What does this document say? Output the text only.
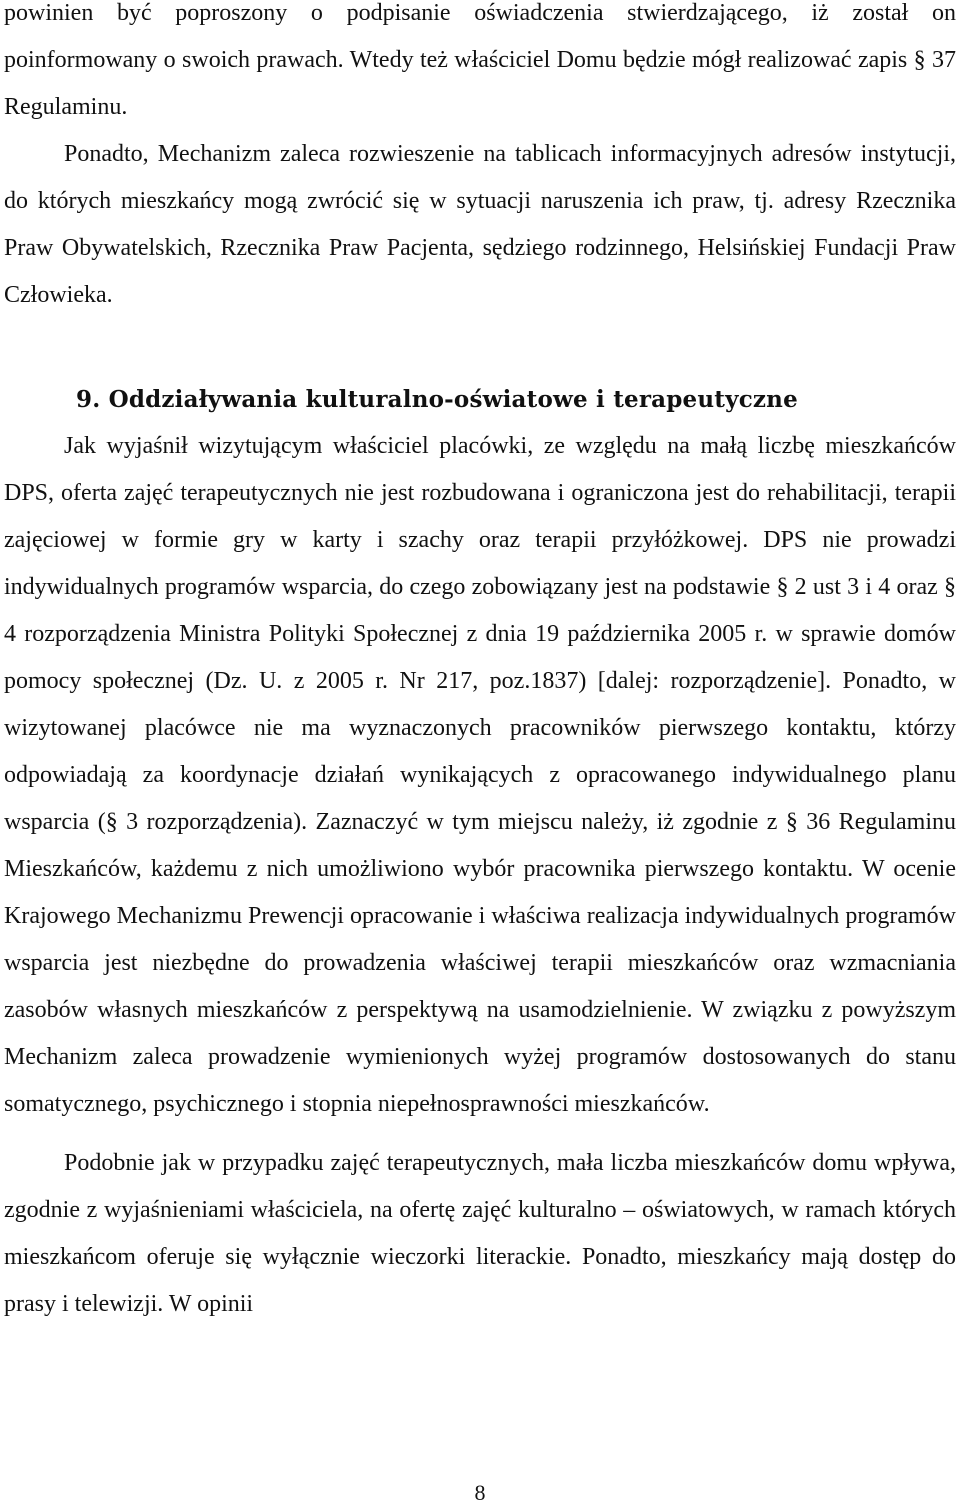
powinien być poproszony o podpisanie oświadczenia stwierdzającego, iż został on poinformowany o swoich prawach. Wtedy też właściciel Domu będzie mógł realizować zapis § 37 Regulaminu.

Ponadto, Mechanizm zaleca rozwieszenie na tablicach informacyjnych adresów instytucji, do których mieszkańcy mogą zwrócić się w sytuacji naruszenia ich praw, tj. adresy Rzecznika Praw Obywatelskich, Rzecznika Praw Pacjenta, sędziego rodzinnego, Helsińskiej Fundacji Praw Człowieka.

9. Oddziaływania kulturalno-oświatowe i terapeutyczne

Jak wyjaśnił wizytującym właściciel placówki, ze względu na małą liczbę mieszkańców DPS, oferta zajęć terapeutycznych nie jest rozbudowana i ograniczona jest do rehabilitacji, terapii zajęciowej w formie gry w karty i szachy oraz terapii przyłóżkowej. DPS nie prowadzi indywidualnych programów wsparcia, do czego zobowiązany jest na podstawie § 2 ust 3 i 4 oraz § 4 rozporządzenia Ministra Polityki Społecznej z dnia 19 października 2005 r. w sprawie domów pomocy społecznej (Dz. U. z 2005 r. Nr 217, poz.1837) [dalej: rozporządzenie]. Ponadto, w wizytowanej placówce nie ma wyznaczonych pracowników pierwszego kontaktu, którzy odpowiadają za koordynacje działań wynikających z opracowanego indywidualnego planu wsparcia (§ 3 rozporządzenia). Zaznaczyć w tym miejscu należy, iż zgodnie z § 36 Regulaminu Mieszkańców, każdemu z nich umożliwiono wybór pracownika pierwszego kontaktu. W ocenie Krajowego Mechanizmu Prewencji opracowanie i właściwa realizacja indywidualnych programów wsparcia jest niezbędne do prowadzenia właściwej terapii mieszkańców oraz wzmacniania zasobów własnych mieszkańców z perspektywą na usamodzielnienie. W związku z powyższym Mechanizm zaleca prowadzenie wymienionych wyżej programów dostosowanych do stanu somatycznego, psychicznego i stopnia niepełnosprawności mieszkańców.

Podobnie jak w przypadku zajęć terapeutycznych, mała liczba mieszkańców domu wpływa, zgodnie z wyjaśnieniami właściciela, na ofertę zajęć kulturalno – oświatowych, w ramach których mieszkańcom oferuje się wyłącznie wieczorki literackie. Ponadto, mieszkańcy mają dostęp do prasy i telewizji. W opinii

8
